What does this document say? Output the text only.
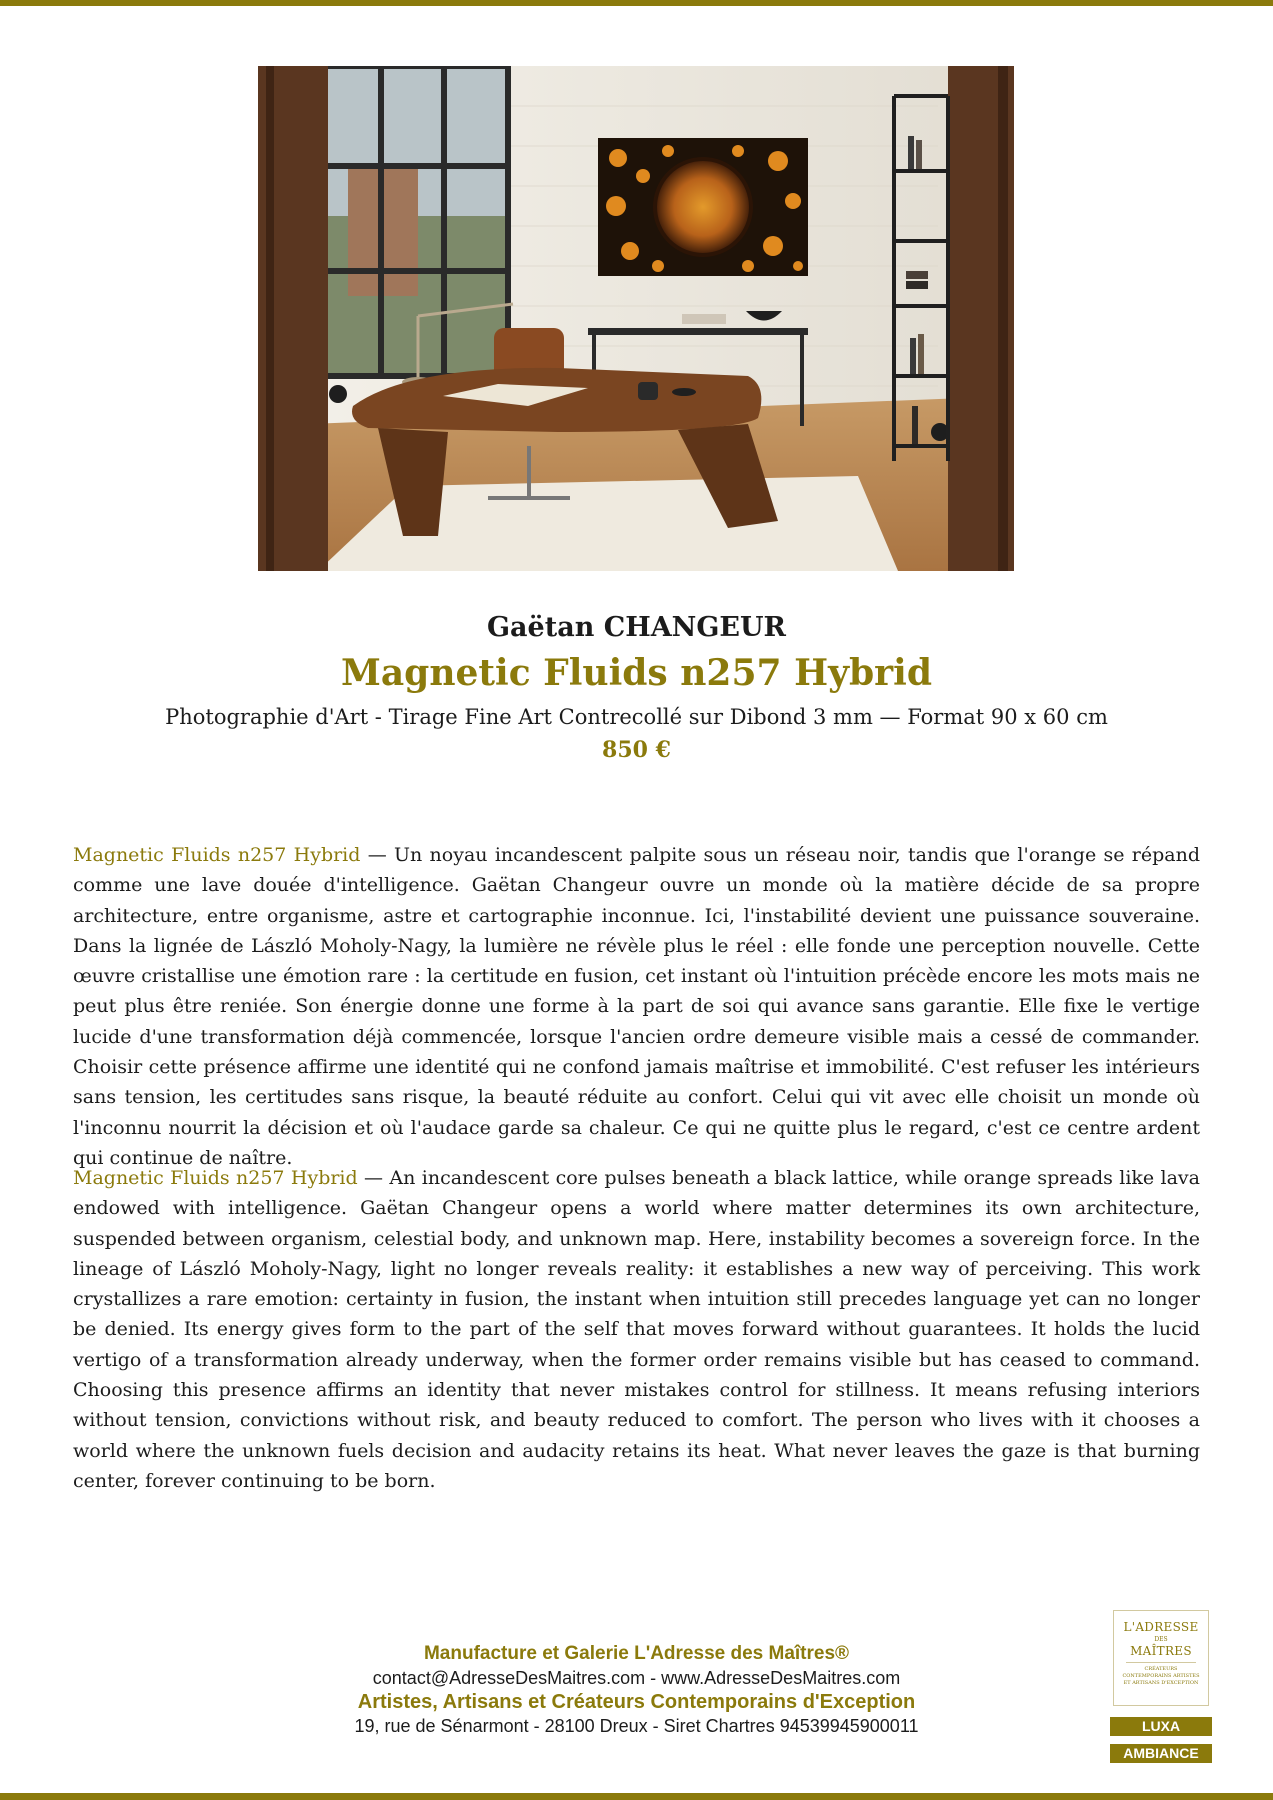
Gaëtan CHANGEUR
Magnetic Fluids n257 Hybrid
Photographie d'Art - Tirage Fine Art Contrecollé sur Dibond 3 mm — Format 90 x 60 cm
850 €

Magnetic Fluids n257 Hybrid — Un noyau incandescent palpite sous un réseau noir, tandis que l'orange se répand comme une lave douée d'intelligence. Gaëtan Changeur ouvre un monde où la matière décide de sa propre architecture, entre organisme, astre et cartographie inconnue. Ici, l'instabilité devient une puissance souveraine. Dans la lignée de László Moholy-Nagy, la lumière ne révèle plus le réel : elle fonde une perception nouvelle. Cette œuvre cristallise une émotion rare : la certitude en fusion, cet instant où l'intuition précède encore les mots mais ne peut plus être reniée. Son énergie donne une forme à la part de soi qui avance sans garantie. Elle fixe le vertige lucide d'une transformation déjà commencée, lorsque l'ancien ordre demeure visible mais a cessé de commander. Choisir cette présence affirme une identité qui ne confond jamais maîtrise et immobilité. C'est refuser les intérieurs sans tension, les certitudes sans risque, la beauté réduite au confort. Celui qui vit avec elle choisit un monde où l'inconnu nourrit la décision et où l'audace garde sa chaleur. Ce qui ne quitte plus le regard, c'est ce centre ardent qui continue de naître.

Magnetic Fluids n257 Hybrid — An incandescent core pulses beneath a black lattice, while orange spreads like lava endowed with intelligence. Gaëtan Changeur opens a world where matter determines its own architecture, suspended between organism, celestial body, and unknown map. Here, instability becomes a sovereign force. In the lineage of László Moholy-Nagy, light no longer reveals reality: it establishes a new way of perceiving. This work crystallizes a rare emotion: certainty in fusion, the instant when intuition still precedes language yet can no longer be denied. Its energy gives form to the part of the self that moves forward without guarantees. It holds the lucid vertigo of a transformation already underway, when the former order remains visible but has ceased to command. Choosing this presence affirms an identity that never mistakes control for stillness. It means refusing interiors without tension, convictions without risk, and beauty reduced to comfort. The person who lives with it chooses a world where the unknown fuels decision and audacity retains its heat. What never leaves the gaze is that burning center, forever continuing to be born.

Manufacture et Galerie L'Adresse des Maîtres®
contact@AdresseDesMaitres.com - www.AdresseDesMaitres.com
Artistes, Artisans et Créateurs Contemporains d'Exception
19, rue de Sénarmont - 28100 Dreux - Siret Chartres 94539945900011
L'ADRESSE
DES
MAÎTRES
CRÉATEURS CONTEMPORAINS ARTISTES ET ARTISANS D'EXCEPTION
LUXA
AMBIANCE
